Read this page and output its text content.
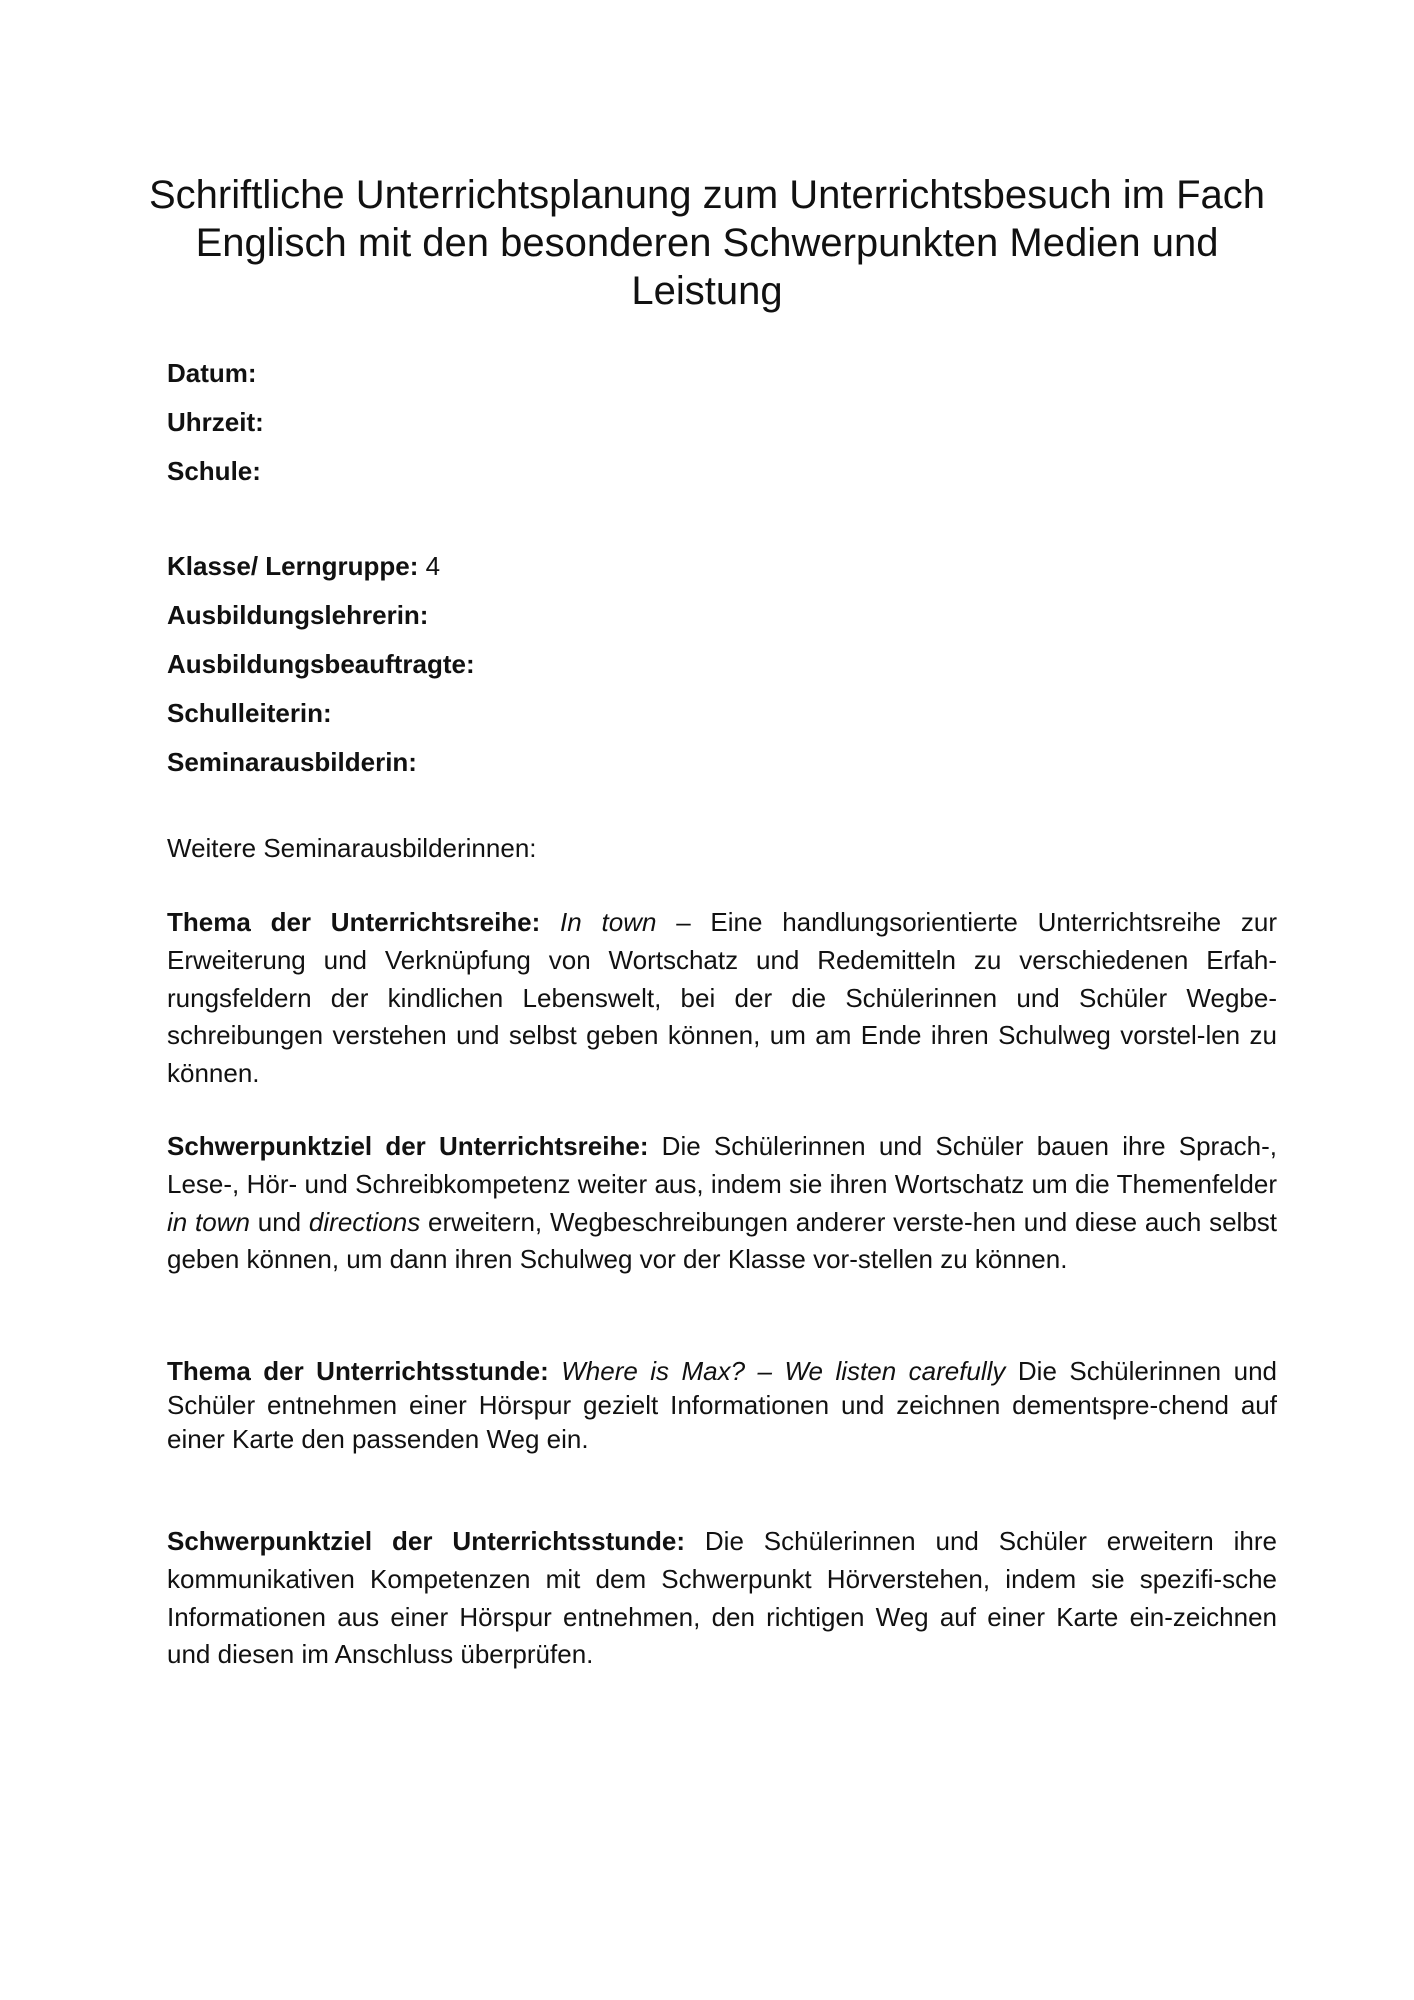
Schriftliche Unterrichtsplanung zum Unterrichtsbesuch im Fach Englisch mit den besonderen Schwerpunkten Medien und Leistung
Datum:
Uhrzeit:
Schule:
Klasse/ Lerngruppe: 4
Ausbildungslehrerin:
Ausbildungsbeauftragte:
Schulleiterin:
Seminarausbilderin:
Weitere Seminarausbilderinnen:

Thema der Unterrichtsreihe: In town – Eine handlungsorientierte Unterrichtsreihe zur Erweiterung und Verknüpfung von Wortschatz und Redemitteln zu verschiedenen Erfah-rungsfeldern der kindlichen Lebenswelt, bei der die Schülerinnen und Schüler Wegbe-schreibungen verstehen und selbst geben können, um am Ende ihren Schulweg vorstel-len zu können.

Schwerpunktziel der Unterrichtsreihe: Die Schülerinnen und Schüler bauen ihre Sprach-, Lese-, Hör- und Schreibkompetenz weiter aus, indem sie ihren Wortschatz um die Themenfelder in town und directions erweitern, Wegbeschreibungen anderer verste-hen und diese auch selbst geben können, um dann ihren Schulweg vor der Klasse vor-stellen zu können.

Thema der Unterrichtsstunde: Where is Max? – We listen carefully Die Schülerinnen und Schüler entnehmen einer Hörspur gezielt Informationen und zeichnen dementspre-chend auf einer Karte den passenden Weg ein.

Schwerpunktziel der Unterrichtsstunde: Die Schülerinnen und Schüler erweitern ihre kommunikativen Kompetenzen mit dem Schwerpunkt Hörverstehen, indem sie spezifi-sche Informationen aus einer Hörspur entnehmen, den richtigen Weg auf einer Karte ein-zeichnen und diesen im Anschluss überprüfen.
